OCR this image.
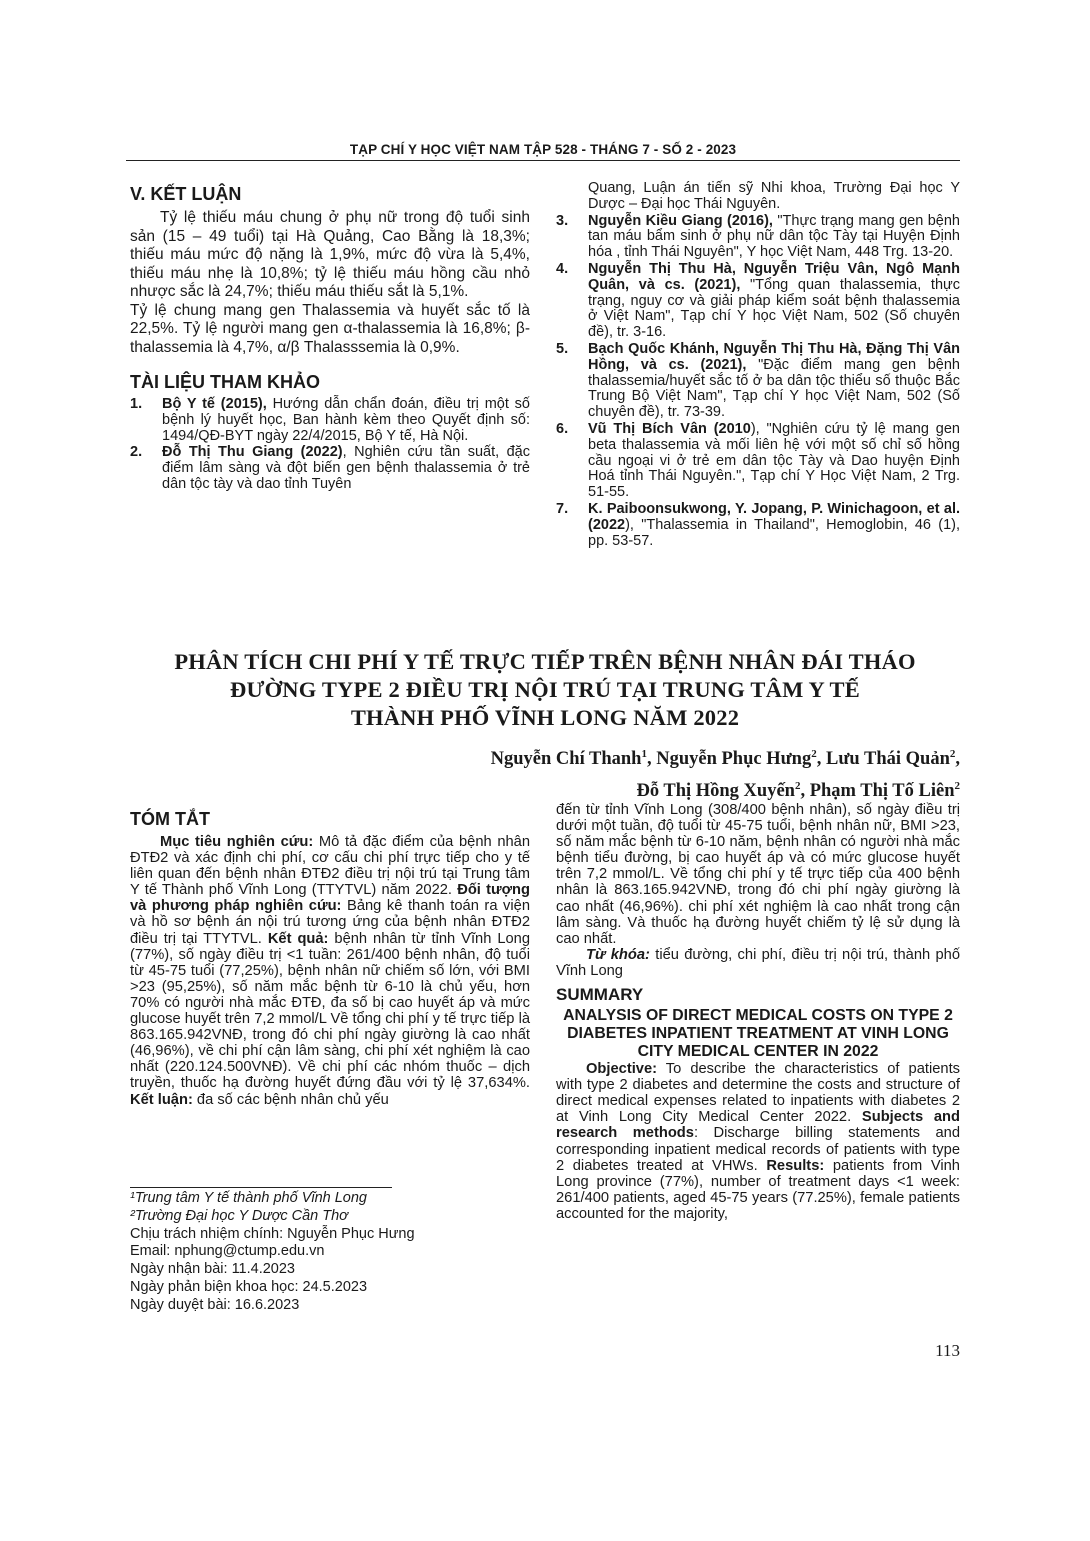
TẠP CHÍ Y HỌC VIỆT NAM TẬP 528 - THÁNG 7 - SỐ 2 - 2023
V. KẾT LUẬN

Tỷ lệ thiếu máu chung ở phụ nữ trong độ tuổi sinh sản (15 – 49 tuổi) tại Hà Quảng, Cao Bằng là 18,3%; thiếu máu mức độ nặng là 1,9%, mức độ vừa là 5,4%, thiếu máu nhẹ là 10,8%; tỷ lệ thiếu máu hồng cầu nhỏ nhược sắc là 24,7%; thiếu máu thiếu sắt là 5,1%.

Tỷ lệ chung mang gen Thalassemia và huyết sắc tố là 22,5%. Tỷ lệ người mang gen α-thalassemia là 16,8%; β-thalassemia là 4,7%, α/β Thalasssemia là 0,9%.

TÀI LIỆU THAM KHẢO
1. Bộ Y tế (2015), Hướng dẫn chẩn đoán, điều trị một số bệnh lý huyết học, Ban hành kèm theo Quyết định số: 1494/QĐ-BYT ngày 22/4/2015, Bộ Y tế, Hà Nội.
2. Đỗ Thị Thu Giang (2022), Nghiên cứu tần suất, đặc điểm lâm sàng và đột biến gen bệnh thalassemia ở trẻ dân tộc tày và dao tỉnh Tuyên
Quang, Luận án tiến sỹ Nhi khoa, Trường Đại học Y Dược – Đại học Thái Nguyên.
3. Nguyễn Kiều Giang (2016), "Thực trạng mang gen bệnh tan máu bẩm sinh ở phụ nữ dân tộc Tày tại Huyện Định hóa , tỉnh Thái Nguyên", Y học Việt Nam, 448 Trg. 13-20.
4. Nguyễn Thị Thu Hà, Nguyễn Triệu Vân, Ngô Mạnh Quân, và cs. (2021), "Tổng quan thalassemia, thực trạng, nguy cơ và giải pháp kiểm soát bệnh thalassemia ở Việt Nam", Tạp chí Y học Việt Nam, 502 (Số chuyên đề), tr. 3-16.
5. Bạch Quốc Khánh, Nguyễn Thị Thu Hà, Đặng Thị Vân Hồng, và cs. (2021), "Đặc điểm mang gen bệnh thalassemia/huyết sắc tố ở ba dân tộc thiểu số thuộc Bắc Trung Bộ Việt Nam", Tạp chí Y học Việt Nam, 502 (Số chuyên đề), tr. 73-39.
6. Vũ Thị Bích Vân (2010), "Nghiên cứu tỷ lệ mang gen beta thalassemia và mối liên hệ với một số chỉ số hồng cầu ngoại vi ở trẻ em dân tộc Tày và Dao huyện Định Hoá tỉnh Thái Nguyên.", Tạp chí Y Học Việt Nam, 2 Trg. 51-55.
7. K. Paiboonsukwong, Y. Jopang, P. Winichagoon, et al. (2022), "Thalassemia in Thailand", Hemoglobin, 46 (1), pp. 53-57.
PHÂN TÍCH CHI PHÍ Y TẾ TRỰC TIẾP TRÊN BỆNH NHÂN ĐÁI THÁO
ĐƯỜNG TYPE 2 ĐIỀU TRỊ NỘI TRÚ TẠI TRUNG TÂM Y TẾ
THÀNH PHỐ VĨNH LONG NĂM 2022
Nguyễn Chí Thanh$^1$, Nguyễn Phục Hưng$^2$, Lưu Thái Quản$^2$,
Đỗ Thị Hồng Xuyến$^2$, Phạm Thị Tố Liên$^2$
TÓM TẮT

Mục tiêu nghiên cứu: Mô tả đặc điểm của bệnh nhân ĐTĐ2 và xác định chi phí, cơ cấu chi phí trực tiếp cho y tế liên quan đến bệnh nhân ĐTĐ2 điều trị nội trú tại Trung tâm Y tế Thành phố Vĩnh Long (TTYTVL) năm 2022. Đối tượng và phương pháp nghiên cứu: Bảng kê thanh toán ra viện và hồ sơ bệnh án nội trú tương ứng của bệnh nhân ĐTĐ2 điều trị tại TTYTVL. Kết quả: bệnh nhân từ tỉnh Vĩnh Long (77%), số ngày điều trị <1 tuần: 261/400 bệnh nhân, độ tuổi từ 45-75 tuổi (77,25%), bệnh nhân nữ chiếm số lớn, với BMI >23 (95,25%), số năm mắc bệnh từ 6-10 là chủ yếu, hơn 70% có người nhà mắc ĐTĐ, đa số bị cao huyết áp và mức glucose huyết trên 7,2 mmol/L Về tổng chi phí y tế trực tiếp là 863.165.942VNĐ, trong đó chi phí ngày giường là cao nhất (46,96%), về chi phí cận lâm sàng, chi phí xét nghiệm là cao nhất (220.124.500VNĐ). Về chi phí các nhóm thuốc – dịch truyền, thuốc hạ đường huyết đứng đầu với tỷ lệ 37,634%. Kết luận: đa số các bệnh nhân chủ yếu

¹Trung tâm Y tế thành phố Vĩnh Long
²Trường Đại học Y Dược Cần Thơ
Chịu trách nhiệm chính: Nguyễn Phục Hưng
Email: nphung@ctump.edu.vn
Ngày nhận bài: 11.4.2023
Ngày phản biện khoa học: 24.5.2023
Ngày duyệt bài: 16.6.2023

đến từ tỉnh Vĩnh Long (308/400 bệnh nhân), số ngày điều trị dưới một tuần, độ tuổi từ 45-75 tuổi, bệnh nhân nữ, BMI >23, số năm mắc bệnh từ 6-10 năm, bệnh nhân có người nhà mắc bệnh tiểu đường, bị cao huyết áp và có mức glucose huyết trên 7,2 mmol/L. Về tổng chi phí y tế trực tiếp của 400 bệnh nhân là 863.165.942VNĐ, trong đó chi phí ngày giường là cao nhất (46,96%). chi phí xét nghiệm là cao nhất trong cận lâm sàng. Và thuốc hạ đường huyết chiếm tỷ lệ sử dụng là cao nhất.

Từ khóa: tiểu đường, chi phí, điều trị nội trú, thành phố Vĩnh Long

SUMMARY
ANALYSIS OF DIRECT MEDICAL COSTS ON TYPE 2 DIABETES INPATIENT TREATMENT AT VINH LONG CITY MEDICAL CENTER IN 2022

Objective: To describe the characteristics of patients with type 2 diabetes and determine the costs and structure of direct medical expenses related to inpatients with diabetes 2 at Vinh Long City Medical Center 2022. Subjects and research methods: Discharge billing statements and corresponding inpatient medical records of patients with type 2 diabetes treated at VHWs. Results: patients from Vinh Long province (77%), number of treatment days <1 week: 261/400 patients, aged 45-75 years (77.25%), female patients accounted for the majority,

113
